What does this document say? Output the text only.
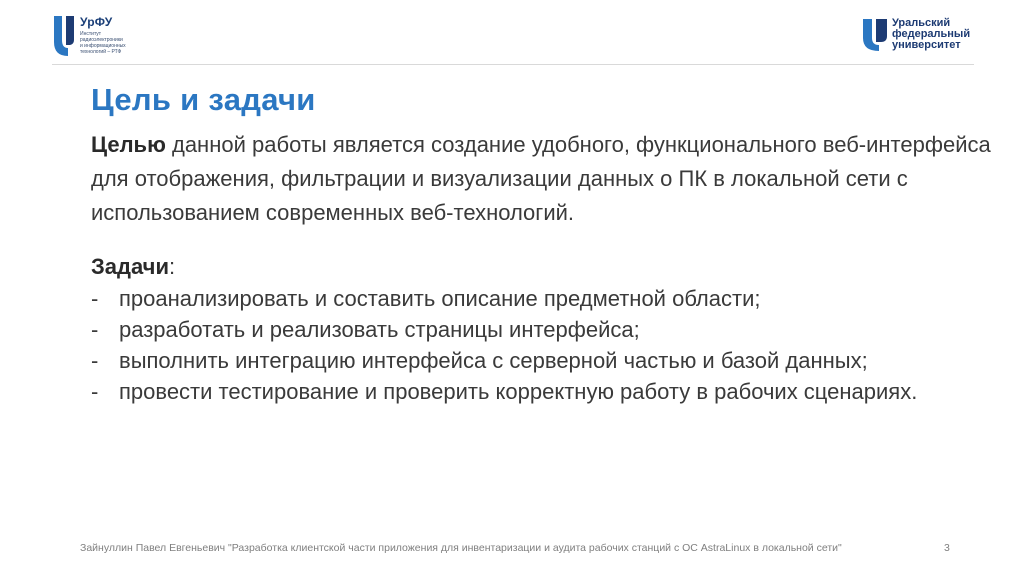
УрФУ
Институт
радиоэлектроники
и информационных
технологий – РТФ
Уральский
федеральный
университет
Цель и задачи
Целью данной работы является создание удобного, функционального веб-интерфейса для отображения, фильтрации и визуализации данных о ПК в локальной сети с использованием современных веб-технологий.
Задачи:
- проанализировать и составить описание предметной области;
- разработать и реализовать страницы интерфейса;
- выполнить интеграцию интерфейса с серверной частью и базой данных;
- провести тестирование и проверить корректную работу в рабочих сценариях.
Зайнуллин Павел Евгеньевич "Разработка клиентской части приложения для инвентаризации и аудита рабочих станций с ОС AstraLinux в локальной сети"	3
